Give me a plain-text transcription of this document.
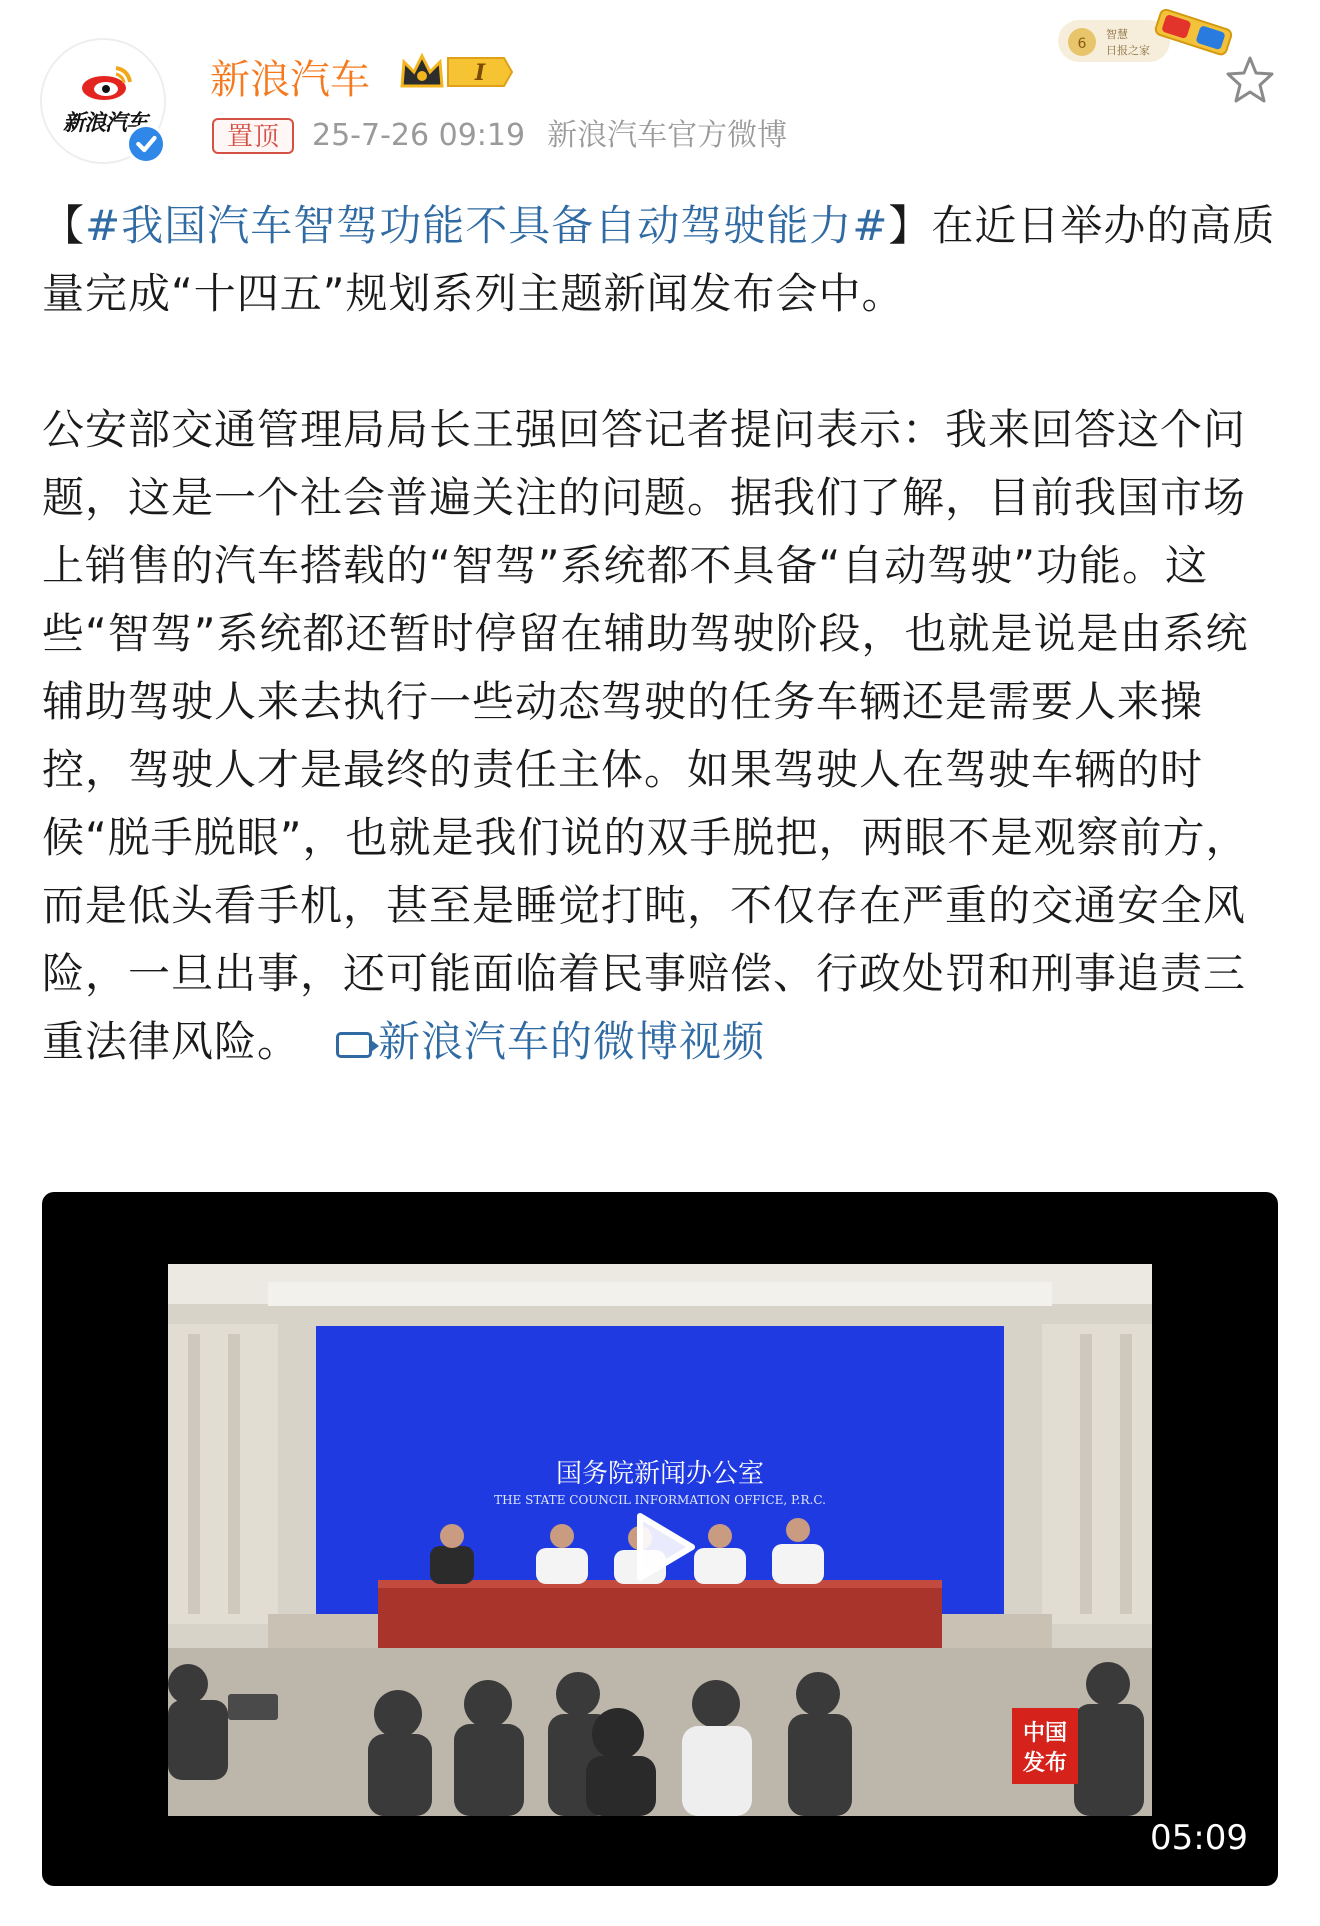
新浪汽车
新浪汽车	I
置顶	25-7-26 09:19 新浪汽车官方微博
6
智慧
日报之家

【#我国汽车智驾功能不具备自动驾驶能力#】在近日举办的高质量完成“十四五”规划系列主题新闻发布会中。

公安部交通管理局局长王强回答记者提问表示：我来回答这个问题，这是一个社会普遍关注的问题。据我们了解，目前我国市场上销售的汽车搭载的“智驾”系统都不具备“自动驾驶”功能。这些“智驾”系统都还暂时停留在辅助驾驶阶段，也就是说是由系统辅助驾驶人来去执行一些动态驾驶的任务车辆还是需要人来操控，驾驶人才是最终的责任主体。如果驾驶人在驾驶车辆的时候“脱手脱眼”，也就是我们说的双手脱把，两眼不是观察前方，而是低头看手机，甚至是睡觉打盹，不仅存在严重的交通安全风险，一旦出事，还可能面临着民事赔偿、行政处罚和刑事追责三重法律风险。 新浪汽车的微博视频

国务院新闻办公室
THE STATE COUNCIL INFORMATION OFFICE, P.R.C.
中国
发布
05:09
